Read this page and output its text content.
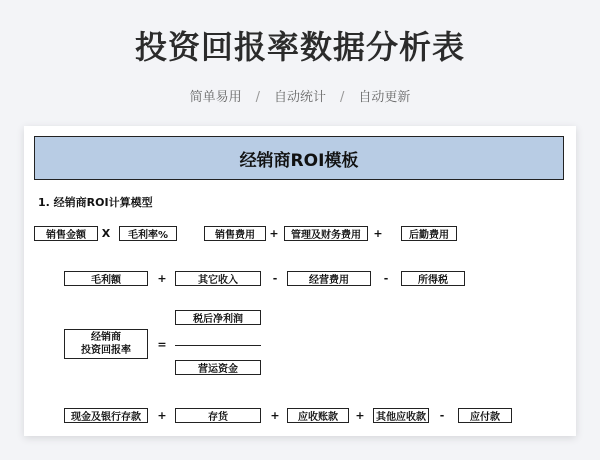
投资回报率数据分析表
简单易用 / 自动统计 / 自动更新
经销商ROI模板
1. 经销商ROI计算模型
销售金额	X	毛利率%	销售费用	+	管理及财务费用	+	后勤费用
毛利额	+	其它收入	-	经营费用	-	所得税
税后净利润
经销商
投资回报率	=
营运资金
现金及银行存款	+	存货	+	应收账款	+	其他应收款	-	应付款
